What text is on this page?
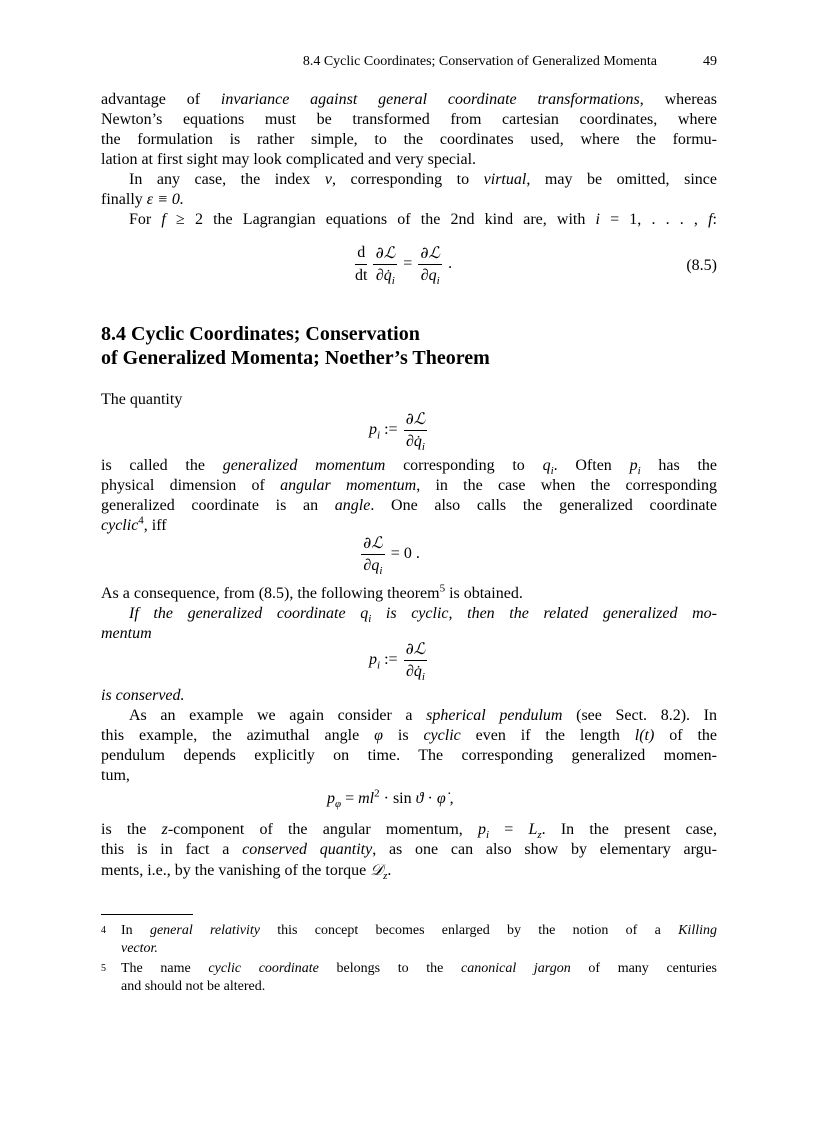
8.4 Cyclic Coordinates; Conservation of Generalized Momenta	49
advantage of invariance against general coordinate transformations, whereas
Newton’s equations must be transformed from cartesian coordinates, where
the formulation is rather simple, to the coordinates used, where the formu-
lation at first sight may look complicated and very special.
In any case, the index v, corresponding to virtual, may be omitted, since
finally ε ≡ 0.
For f ≥ 2 the Lagrangian equations of the 2nd kind are, with i = 1, . . . , f:
$\frac{d}{dt} \frac{\text{∂ℒ}}{\partial q̇_i} = \frac{\text{∂ℒ}}{\partial q_i}$ .	(8.5)
8.4 Cyclic Coordinates; Conservation
of Generalized Momenta; Noether’s Theorem
The quantity
$p_i$ := $\frac{\text{∂ℒ}}{\partial q̇_i}$
is called the generalized momentum corresponding to $q_i$. Often $p_i$ has the
physical dimension of angular momentum, in the case when the corresponding
generalized coordinate is an angle. One also calls the generalized coordinate
cyclic$^4$, iff
$\frac{\text{∂ℒ}}{\partial q_i} = 0$ .
As a consequence, from (8.5), the following theorem$^5$ is obtained.
If the generalized coordinate $q_i$ is cyclic, then the related generalized mo-
mentum
$p_i$ := $\frac{\text{∂ℒ}}{\partial q̇_i}$
is conserved.
As an example we again consider a spherical pendulum (see Sect. 8.2). In
this example, the azimuthal angle φ is cyclic even if the length l(t) of the
pendulum depends explicitly on time. The corresponding generalized momen-
tum,
$p_\varphi = ml^2 \cdot \sin ϑ$ · φ̇ ,
is the z-component of the angular momentum, $p_i = L_z$. In the present case,
this is in fact a conserved quantity, as one can also show by elementary argu-
ments, i.e., by the vanishing of the torque 𝒟$_z$.
4 In general relativity this concept becomes enlarged by the notion of a Killing
vector.
5 The name cyclic coordinate belongs to the canonical jargon of many centuries
and should not be altered.
